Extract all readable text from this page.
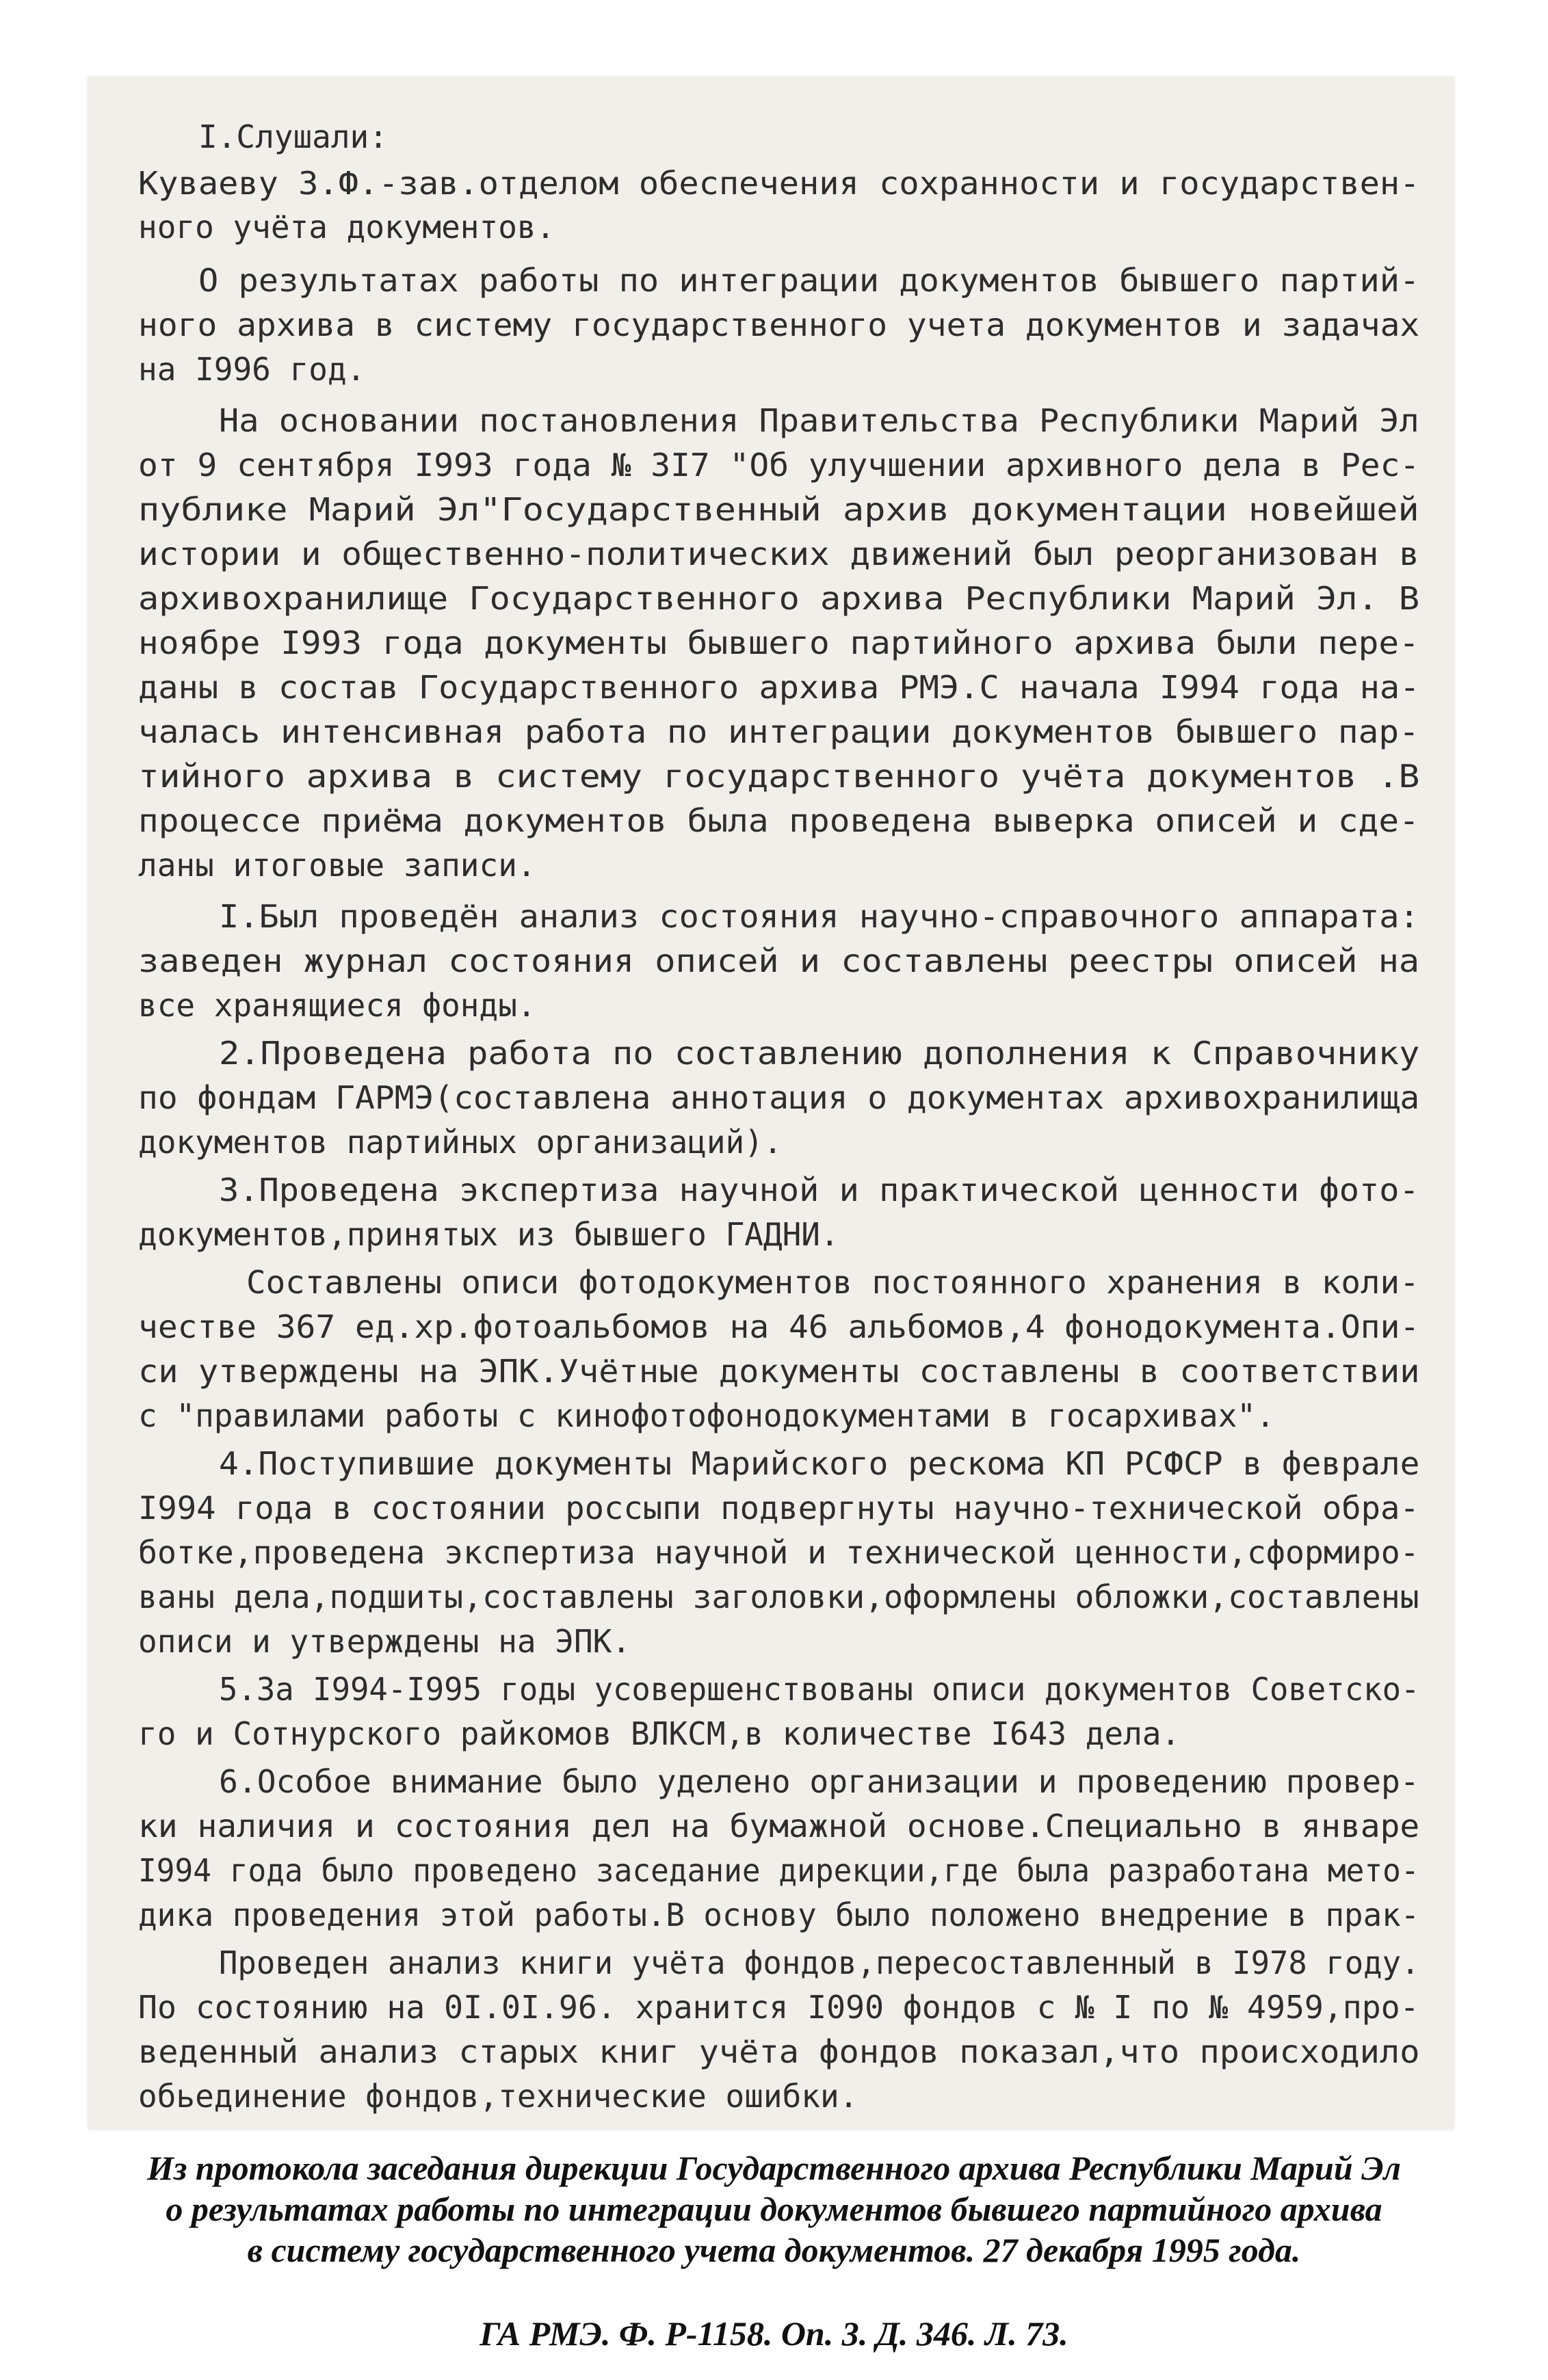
I.Слушали:
Куваеву З.Ф.-зав.отделом обеспечения сохранности и государствен-
ного учёта документов.
О результатах работы по интеграции документов бывшего партий-
ного архива в систему государственного учета документов и задачах
на I996 год.
На основании постановления Правительства Республики Марий Эл
от 9 сентября I993 года № 3I7 "Об улучшении архивного дела в Рес-
публике Марий Эл"Государственный архив документации новейшей
истории и общественно-политических движений был реорганизован в
архивохранилище Государственного архива Республики Марий Эл. В
ноябре I993 года документы бывшего партийного архива были пере-
даны в состав Государственного архива РМЭ.С начала I994 года на-
чалась интенсивная работа по интеграции документов бывшего пар-
тийного архива в систему государственного учёта документов .В
процессе приёма документов была проведена выверка описей и сде-
ланы итоговые записи.
I.Был проведён анализ состояния научно-справочного аппарата:
заведен журнал состояния описей и составлены реестры описей на
все хранящиеся фонды.
2.Проведена работа по составлению дополнения к Справочнику
по фондам ГАРМЭ(составлена аннотация о документах архивохранилища
документов партийных организаций).
3.Проведена экспертиза научной и практической ценности фото-
документов,принятых из бывшего ГАДНИ.
Составлены описи фотодокументов постоянного хранения в коли-
честве 367 ед.хр.фотоальбомов на 46 альбомов,4 фонодокумента.Опи-
си утверждены на ЭПК.Учётные документы составлены в соответствии
с "правилами работы с кинофотофонодокументами в госархивах".
4.Поступившие документы Марийского рескома КП РСФСР в феврале
I994 года в состоянии россыпи подвергнуты научно-технической обра-
ботке,проведена экспертиза научной и технической ценности,сформиро-
ваны дела,подшиты,составлены заголовки,оформлены обложки,составлены
описи и утверждены на ЭПК.
5.За I994-I995 годы усовершенствованы описи документов Советско-
го и Сотнурского райкомов ВЛКСМ,в количестве I643 дела.
6.Особое внимание было уделено организации и проведению провер-
ки наличия и состояния дел на бумажной основе.Специально в январе
I994 года было проведено заседание дирекции,где была разработана мето-
дика проведения этой работы.В основу было положено внедрение в прак-
Проведен анализ книги учёта фондов,пересоставленный в I978 году.
По состоянию на 0I.0I.96. хранится I090 фондов с № I по № 4959,про-
веденный анализ старых книг учёта фондов показал,что происходило
обьединение фондов,технические ошибки.
Из протокола заседания дирекции Государственного архива Республики Марий Эл
о результатах работы по интеграции документов бывшего партийного архива
в систему государственного учета документов. 27 декабря 1995 года.
ГА РМЭ. Ф. Р-1158. Оп. 3. Д. 346. Л. 73.
